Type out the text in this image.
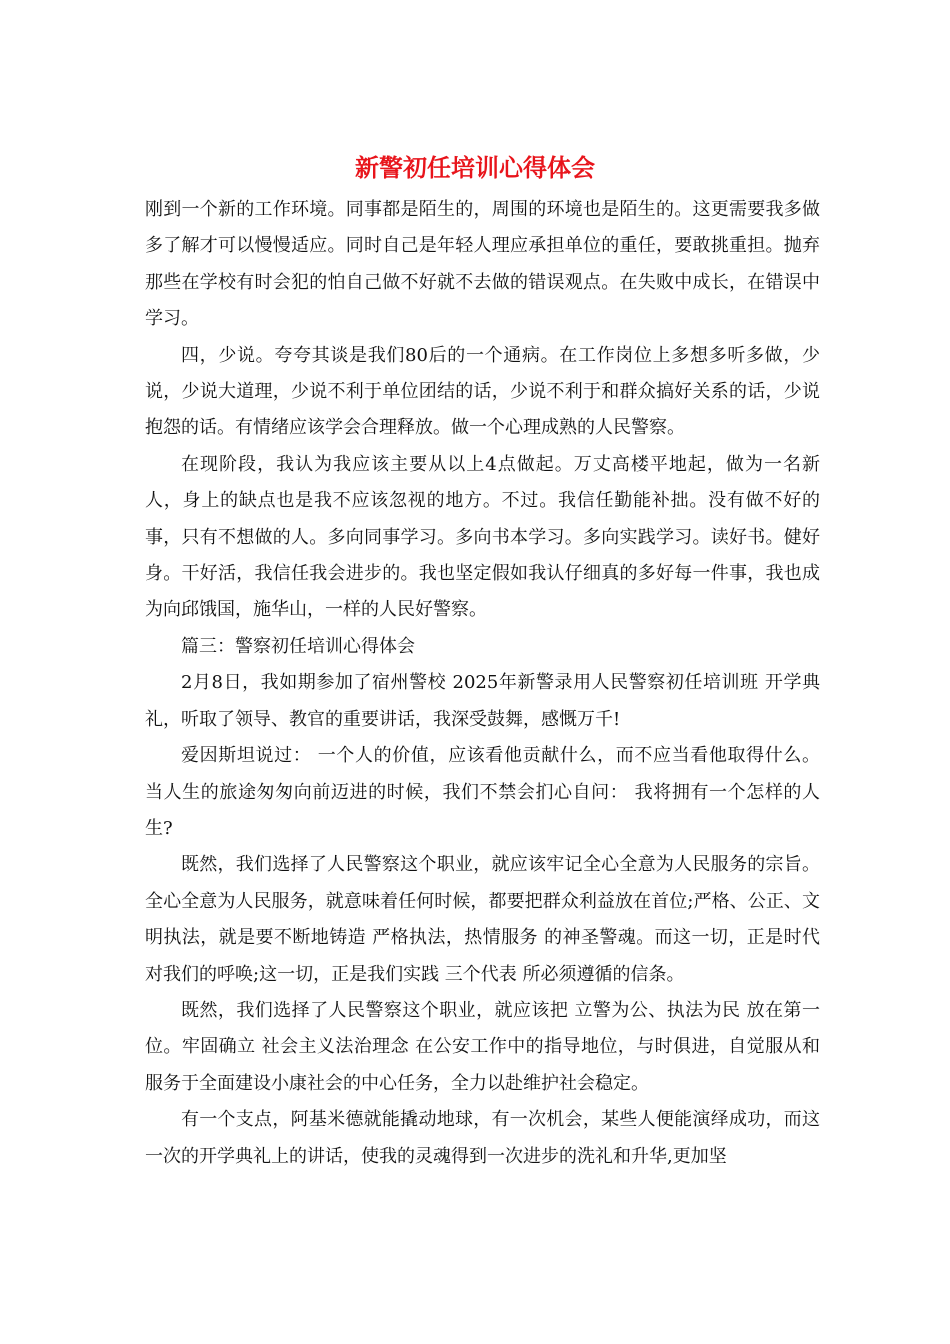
新警初任培训心得体会

刚到一个新的工作环境。同事都是陌生的，周围的环境也是陌生的。这更需要我多做多了解才可以慢慢适应。同时自己是年轻人理应承担单位的重任，要敢挑重担。抛弃那些在学校有时会犯的怕自己做不好就不去做的错误观点。在失败中成长，在错误中学习。

四，少说。夸夸其谈是我们80后的一个通病。在工作岗位上多想多听多做，少说，少说大道理，少说不利于单位团结的话，少说不利于和群众搞好关系的话，少说抱怨的话。有情绪应该学会合理释放。做一个心理成熟的人民警察。

在现阶段，我认为我应该主要从以上4点做起。万丈高楼平地起，做为一名新人，身上的缺点也是我不应该忽视的地方。不过。我信任勤能补拙。没有做不好的事，只有不想做的人。多向同事学习。多向书本学习。多向实践学习。读好书。健好身。干好活，我信任我会进步的。我也坚定假如我认仔细真的多好每一件事，我也成为向邱饿国，施华山，一样的人民好警察。

篇三：警察初任培训心得体会

2月8日，我如期参加了宿州警校 2025年新警录用人民警察初任培训班 开学典礼，听取了领导、教官的重要讲话，我深受鼓舞，感慨万千!

爱因斯坦说过： 一个人的价值，应该看他贡献什么，而不应当看他取得什么。 当人生的旅途匆匆向前迈进的时候，我们不禁会扪心自问： 我将拥有一个怎样的人生?

既然，我们选择了人民警察这个职业，就应该牢记全心全意为人民服务的宗旨。全心全意为人民服务，就意味着任何时候，都要把群众利益放在首位;严格、公正、文明执法，就是要不断地铸造 严格执法，热情服务 的神圣警魂。而这一切，正是时代对我们的呼唤;这一切，正是我们实践 三个代表 所必须遵循的信条。

既然，我们选择了人民警察这个职业，就应该把 立警为公、执法为民 放在第一位。牢固确立 社会主义法治理念 在公安工作中的指导地位，与时俱进，自觉服从和服务于全面建设小康社会的中心任务，全力以赴维护社会稳定。

有一个支点，阿基米德就能撬动地球，有一次机会，某些人便能演绎成功，而这一次的开学典礼上的讲话，使我的灵魂得到一次进步的洗礼和升华,更加坚
